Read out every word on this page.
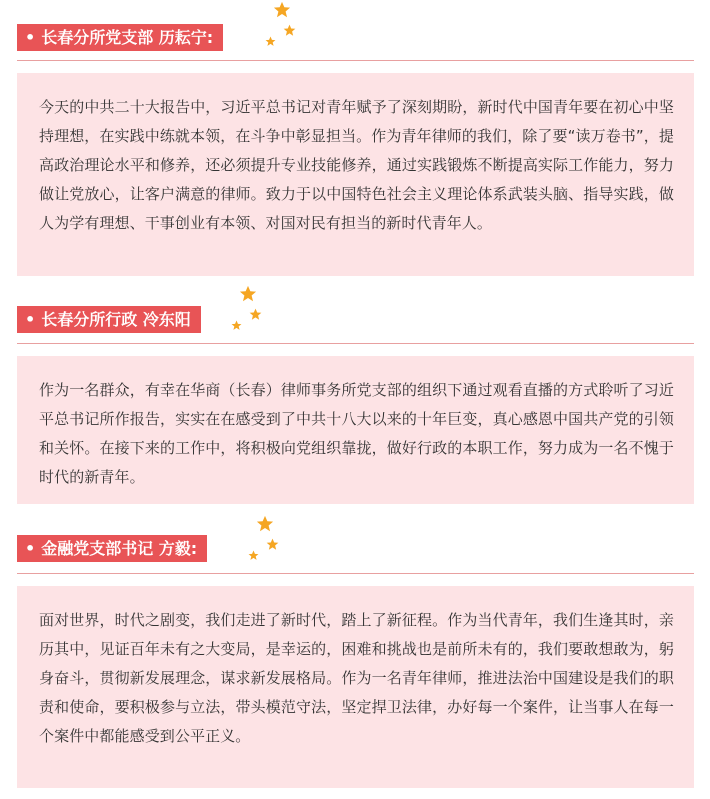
• 长春分所党支部 历耘宁:
今天的中共二十大报告中，习近平总书记对青年赋予了深刻期盼，新时代中国青年要在初心中坚持理想，在实践中练就本领，在斗争中彰显担当。作为青年律师的我们，除了要“读万卷书”，提高政治理论水平和修养，还必须提升专业技能修养，通过实践锻炼不断提高实际工作能力，努力做让党放心，让客户满意的律师。致力于以中国特色社会主义理论体系武装头脑、指导实践，做人为学有理想、干事创业有本领、对国对民有担当的新时代青年人。
• 长春分所行政 冷东阳
作为一名群众，有幸在华商（长春）律师事务所党支部的组织下通过观看直播的方式聆听了习近平总书记所作报告，实实在在感受到了中共十八大以来的十年巨变，真心感恩中国共产党的引领和关怀。在接下来的工作中，将积极向党组织靠拢，做好行政的本职工作，努力成为一名不愧于时代的新青年。
• 金融党支部书记 方毅:
面对世界，时代之剧变，我们走进了新时代，踏上了新征程。作为当代青年，我们生逢其时，亲历其中，见证百年未有之大变局，是幸运的，困难和挑战也是前所未有的，我们要敢想敢为，躬身奋斗，贯彻新发展理念，谋求新发展格局。作为一名青年律师，推进法治中国建设是我们的职责和使命，要积极参与立法，带头模范守法，坚定捍卫法律，办好每一个案件，让当事人在每一个案件中都能感受到公平正义。
